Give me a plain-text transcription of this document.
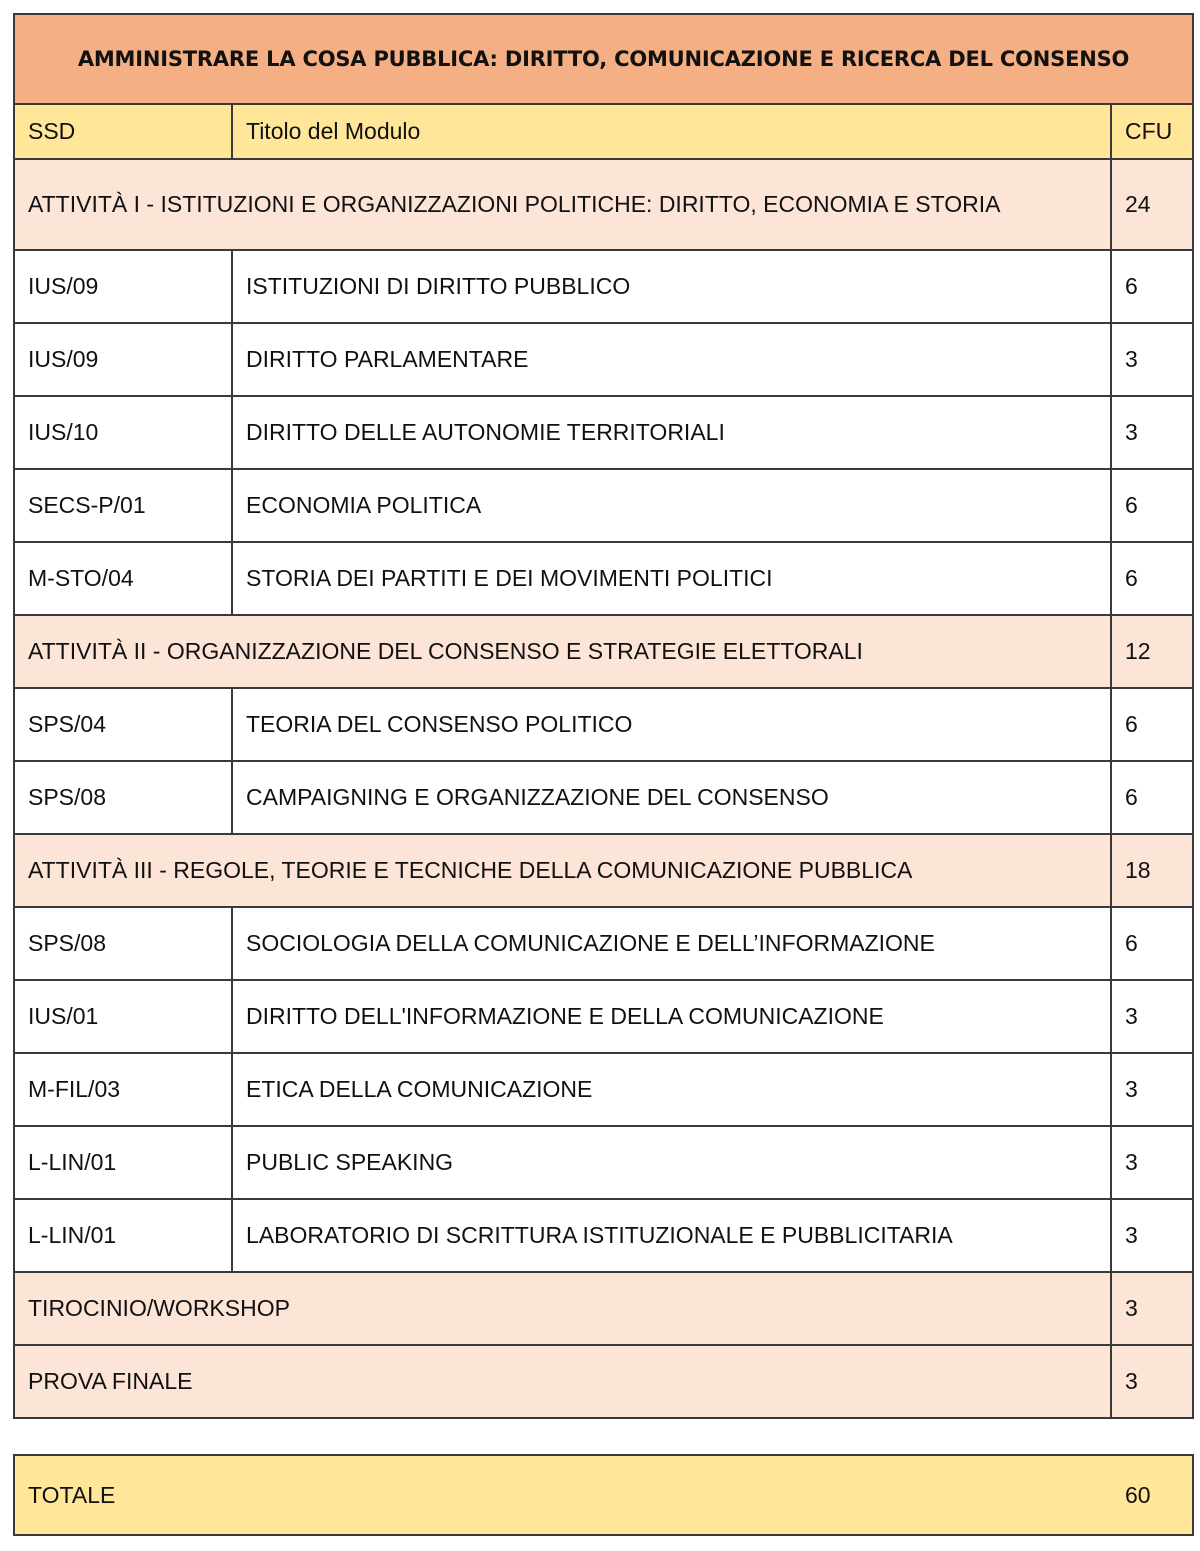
AMMINISTRARE LA COSA PUBBLICA: DIRITTO, COMUNICAZIONE E RICERCA DEL CONSENSO
SSD	Titolo del Modulo	CFU
ATTIVITÀ I - ISTITUZIONI E ORGANIZZAZIONI POLITICHE: DIRITTO, ECONOMIA E STORIA	24
IUS/09	ISTITUZIONI DI DIRITTO PUBBLICO	6
IUS/09	DIRITTO PARLAMENTARE	3
IUS/10	DIRITTO DELLE AUTONOMIE TERRITORIALI	3
SECS-P/01	ECONOMIA POLITICA	6
M-STO/04	STORIA DEI PARTITI E DEI MOVIMENTI POLITICI	6
ATTIVITÀ II - ORGANIZZAZIONE DEL CONSENSO E STRATEGIE ELETTORALI	12
SPS/04	TEORIA DEL CONSENSO POLITICO	6
SPS/08	CAMPAIGNING E ORGANIZZAZIONE DEL CONSENSO	6
ATTIVITÀ III - REGOLE, TEORIE E TECNICHE DELLA COMUNICAZIONE PUBBLICA	18
SPS/08	SOCIOLOGIA DELLA COMUNICAZIONE E DELL’INFORMAZIONE	6
IUS/01	DIRITTO DELL'INFORMAZIONE E DELLA COMUNICAZIONE	3
M-FIL/03	ETICA DELLA COMUNICAZIONE	3
L-LIN/01	PUBLIC SPEAKING	3
L-LIN/01	LABORATORIO DI SCRITTURA ISTITUZIONALE E PUBBLICITARIA	3
TIROCINIO/WORKSHOP	3
PROVA FINALE	3
TOTALE	60
